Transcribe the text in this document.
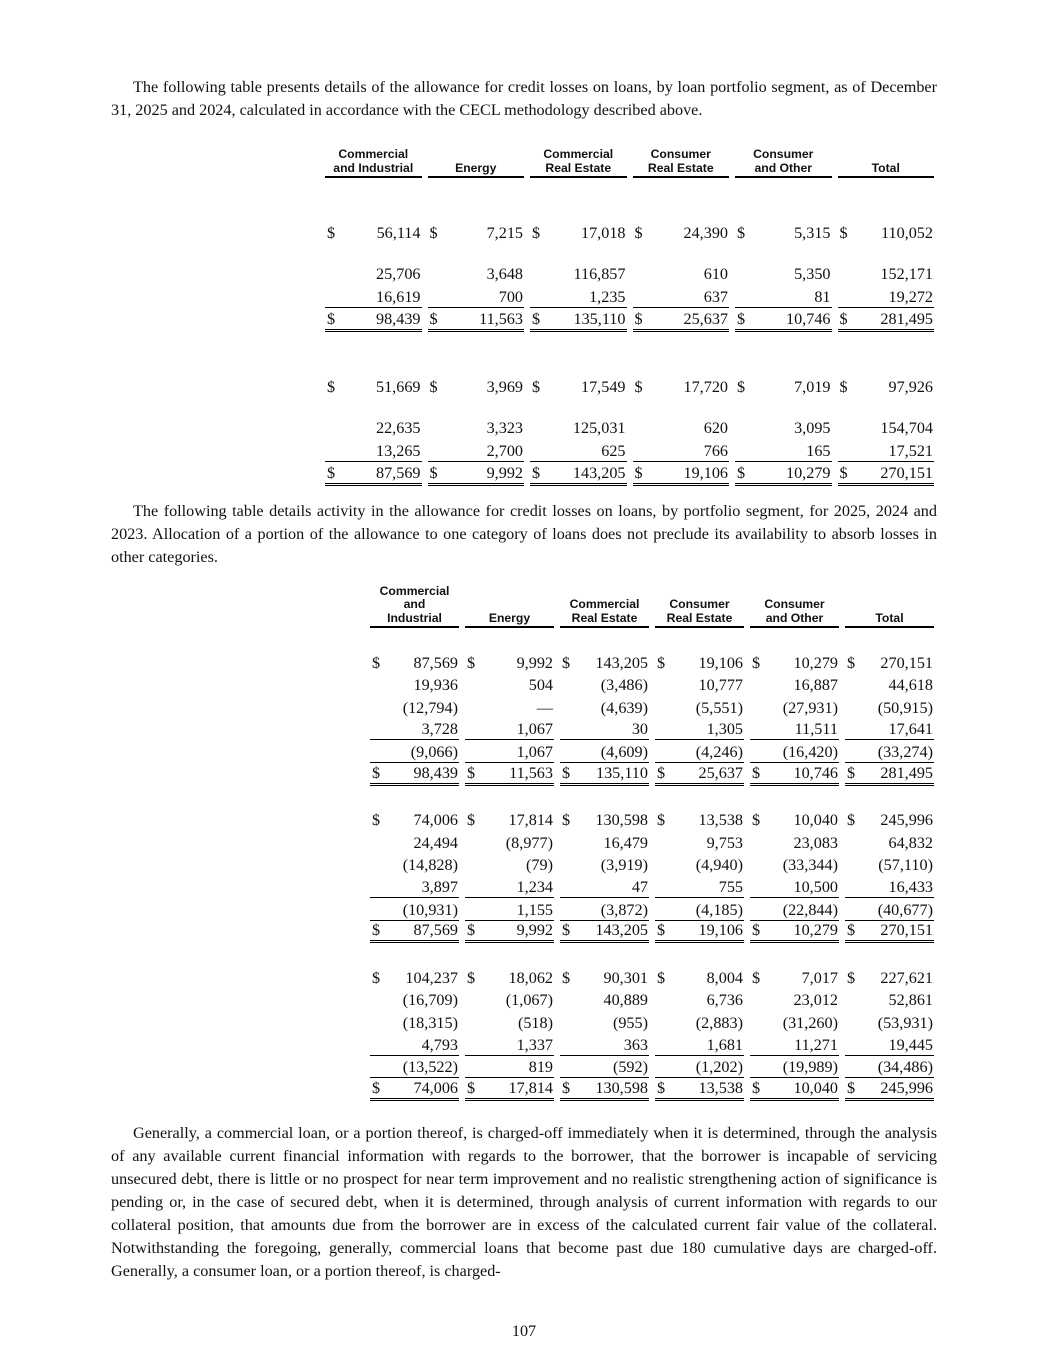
The following table presents details of the allowance for credit losses on loans, by loan portfolio segment, as of December 31, 2025 and 2024, calculated in accordance with the CECL methodology described above.

	Commercial and Industrial	Energy	Commercial Real Estate	Consumer Real Estate	Consumer and Other	Total

	$ 56,114	$ 7,215	$ 17,018	$ 24,390	$ 5,315	$ 110,052

	25,706	3,648	116,857	610	5,350	152,171

	16,619	700	1,235	637	81	19,272

	$ 98,439	$ 11,563	$ 135,110	$ 25,637	$ 10,746	$ 281,495

	$ 51,669	$ 3,969	$ 17,549	$ 17,720	$ 7,019	$ 97,926

	22,635	3,323	125,031	620	3,095	154,704

	13,265	2,700	625	766	165	17,521

	$ 87,569	$ 9,992	$ 143,205	$ 19,106	$ 10,279	$ 270,151

The following table details activity in the allowance for credit losses on loans, by portfolio segment, for 2025, 2024 and 2023. Allocation of a portion of the allowance to one category of loans does not preclude its availability to absorb losses in other categories.

	Commercial and Industrial	Energy	Commercial Real Estate	Consumer Real Estate	Consumer and Other	Total

	$ 87,569	$ 9,992	$ 143,205	$ 19,106	$ 10,279	$ 270,151

	19,936	504	(3,486)	10,777	16,887	44,618

	(12,794)	—	(4,639)	(5,551)	(27,931)	(50,915)

	3,728	1,067	30	1,305	11,511	17,641

	(9,066)	1,067	(4,609)	(4,246)	(16,420)	(33,274)

	$ 98,439	$ 11,563	$ 135,110	$ 25,637	$ 10,746	$ 281,495

	$ 74,006	$ 17,814	$ 130,598	$ 13,538	$ 10,040	$ 245,996

	24,494	(8,977)	16,479	9,753	23,083	64,832

	(14,828)	(79)	(3,919)	(4,940)	(33,344)	(57,110)

	3,897	1,234	47	755	10,500	16,433

	(10,931)	1,155	(3,872)	(4,185)	(22,844)	(40,677)

	$ 87,569	$ 9,992	$ 143,205	$ 19,106	$ 10,279	$ 270,151

	$ 104,237	$ 18,062	$ 90,301	$ 8,004	$ 7,017	$ 227,621

	(16,709)	(1,067)	40,889	6,736	23,012	52,861

	(18,315)	(518)	(955)	(2,883)	(31,260)	(53,931)

	4,793	1,337	363	1,681	11,271	19,445

	(13,522)	819	(592)	(1,202)	(19,989)	(34,486)

	$ 74,006	$ 17,814	$ 130,598	$ 13,538	$ 10,040	$ 245,996

Generally, a commercial loan, or a portion thereof, is charged-off immediately when it is determined, through the analysis of any available current financial information with regards to the borrower, that the borrower is incapable of servicing unsecured debt, there is little or no prospect for near term improvement and no realistic strengthening action of significance is pending or, in the case of secured debt, when it is determined, through analysis of current information with regards to our collateral position, that amounts due from the borrower are in excess of the calculated current fair value of the collateral. Notwithstanding the foregoing, generally, commercial loans that become past due 180 cumulative days are charged-off. Generally, a consumer loan, or a portion thereof, is charged-

107
